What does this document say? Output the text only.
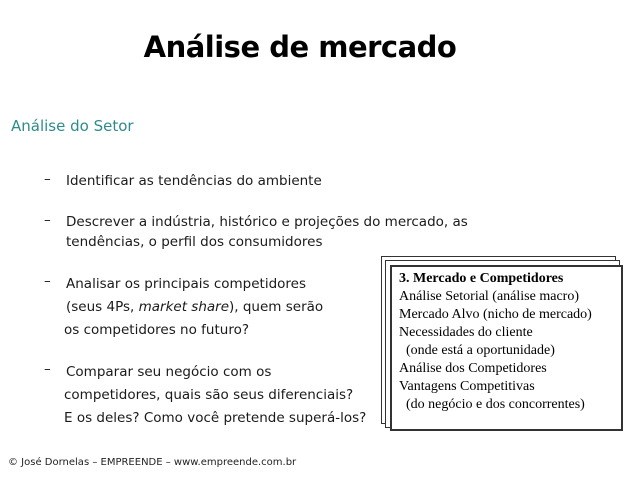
Análise de mercado
Análise do Setor
– Identificar as tendências do ambiente
– Descrever a indústria, histórico e projeções do mercado, as
tendências, o perfil dos consumidores
– Analisar os principais competidores
(seus 4Ps, market share), quem serão
os competidores no futuro?
– Comparar seu negócio com os
competidores, quais são seus diferenciais?
E os deles? Como você pretende superá-los?
3. Mercado e Competidores
Análise Setorial (análise macro)
Mercado Alvo (nicho de mercado)
Necessidades do cliente
(onde está a oportunidade)
Análise dos Competidores
Vantagens Competitivas
(do negócio e dos concorrentes)
© José Dornelas – EMPREENDE – www.empreende.com.br
